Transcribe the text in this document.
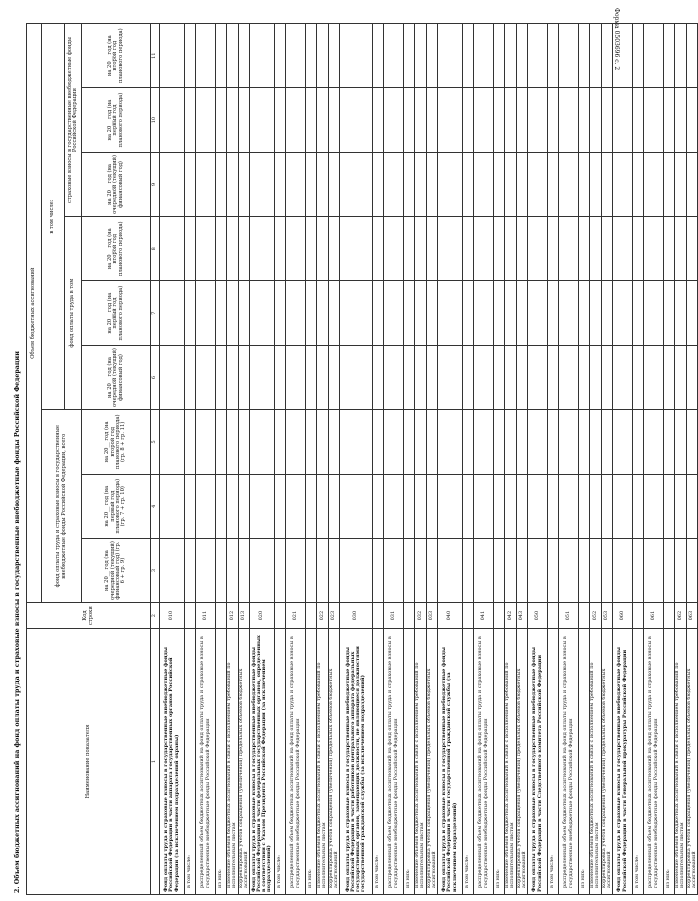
Форма 0503696 с. 2
2. Объем бюджетных ассигнований на фонд оплаты труда и страховые взносы в государственные внебюджетные фонды Российской Федерации	Наименование показателя	Код строки	Объем бюджетных ассигнований								
		фонд оплаты труда и страховые взносы в государственные внебюджетные фонды Российской Федерации, всего			в том числе:					
					фонд оплаты труда в том			страховые взносы в государственные внебюджетные фонды Российской Федерации		

		на 20__ год (на очередной (текущий) финансовый год) (гр. 6 + гр. 9)	на 20__ год (на первый год планового периода) (гр. 7 + гр. 10)	на 20__ год (на второй год планового периода) (гр. 8 + гр. 11)	на 20__ год (на очередной (текущий) финансовый год)	на 20__ год (на первый год планового периода)	на 20__ год (на второй год планового периода)	на 20__ год (на очередной (текущий) финансовый год)	на 20__ год (на первый год планового периода)	на 20__ год (на второй год планового периода)
1	2	3	4	5	6	7	8	9	10	11
Фонд оплаты труда и страховые взносы в государственные внебюджетные фонды Российской Федерации в части аппарата государственных органов Российской Федерации (за исключением подразделений охраны)	010									
в том числе:										
распределенный объем бюджетных ассигнований на фонд оплаты труда и страховые взносы в государственные внебюджетные фонды Российской Федерации	011									
из них:										
изменение объемов бюджетных ассигнований в связи с исполнением требований по исполнительным листам	012									
корректировка учетов сокращения (увеличения) предельных объемов бюджетных ассигнований	013									
Фонд оплаты труда и страховые взносы в государственные внебюджетные фонды Российской Федерации в части федеральных государственных органов, определенных в соответствии с Указом Президента Российской Федерации (за исключением подразделений)	020									
в том числе:										
распределенный объем бюджетных ассигнований на фонд оплаты труда и страховые взносы в государственные внебюджетные фонды Российской Федерации	021									
из них:										
изменение объемов бюджетных ассигнований в связи с исполнением требований по исполнительным листам	022									
корректировка учетов сокращения (увеличения) предельных объемов бюджетных ассигнований	023									
Фонд оплаты труда и страховые взносы в государственные внебюджетные фонды Российской Федерации в части работников центрального аппарата федеральных государственных органов, замещающих должности, не являющиеся должностями государственной гражданской службы (за исключением подразделений)	030									
в том числе:										
распределенный объем бюджетных ассигнований на фонд оплаты труда и страховые взносы в государственные внебюджетные фонды Российской Федерации	031									
из них:										
изменение объемов бюджетных ассигнований в связи с исполнением требований по исполнительным листам	032									
корректировка учетов сокращения (увеличения) предельных объемов бюджетных ассигнований	033									
Фонд оплаты труда и страховые взносы в государственные внебюджетные фонды Российской Федерации в части государственной гражданской службы (за исключением подразделений)	040									
в том числе:										
распределенный объем бюджетных ассигнований на фонд оплаты труда и страховые взносы в государственные внебюджетные фонды Российской Федерации	041									
из них:										
изменение объемов бюджетных ассигнований в связи с исполнением требований по исполнительным листам	042									
корректировка учетов сокращения (увеличения) предельных объемов бюджетных ассигнований	043									
Фонд оплаты труда и страховые взносы в государственные внебюджетные фонды Российской Федерации в части Следственного комитета Российской Федерации	050									
в том числе:										
распределенный объем бюджетных ассигнований на фонд оплаты труда и страховые взносы в государственные внебюджетные фонды Российской Федерации	051									
из них:										
изменение объемов бюджетных ассигнований в связи с исполнением требований по исполнительным листам	052									
корректировка учетов сокращения (увеличения) предельных объемов бюджетных ассигнований	053									
Фонд оплаты труда и страховые взносы в государственные внебюджетные фонды Российской Федерации в части Генеральной прокуратуры Российской Федерации	060									
в том числе:										
распределенный объем бюджетных ассигнований на фонд оплаты труда и страховые взносы в государственные внебюджетные фонды Российской Федерации	061									
из них:										
изменение объемов бюджетных ассигнований в связи с исполнением требований по исполнительным листам	062									
корректировка учетов сокращения (увеличения) предельных объемов бюджетных ассигнований	063									
